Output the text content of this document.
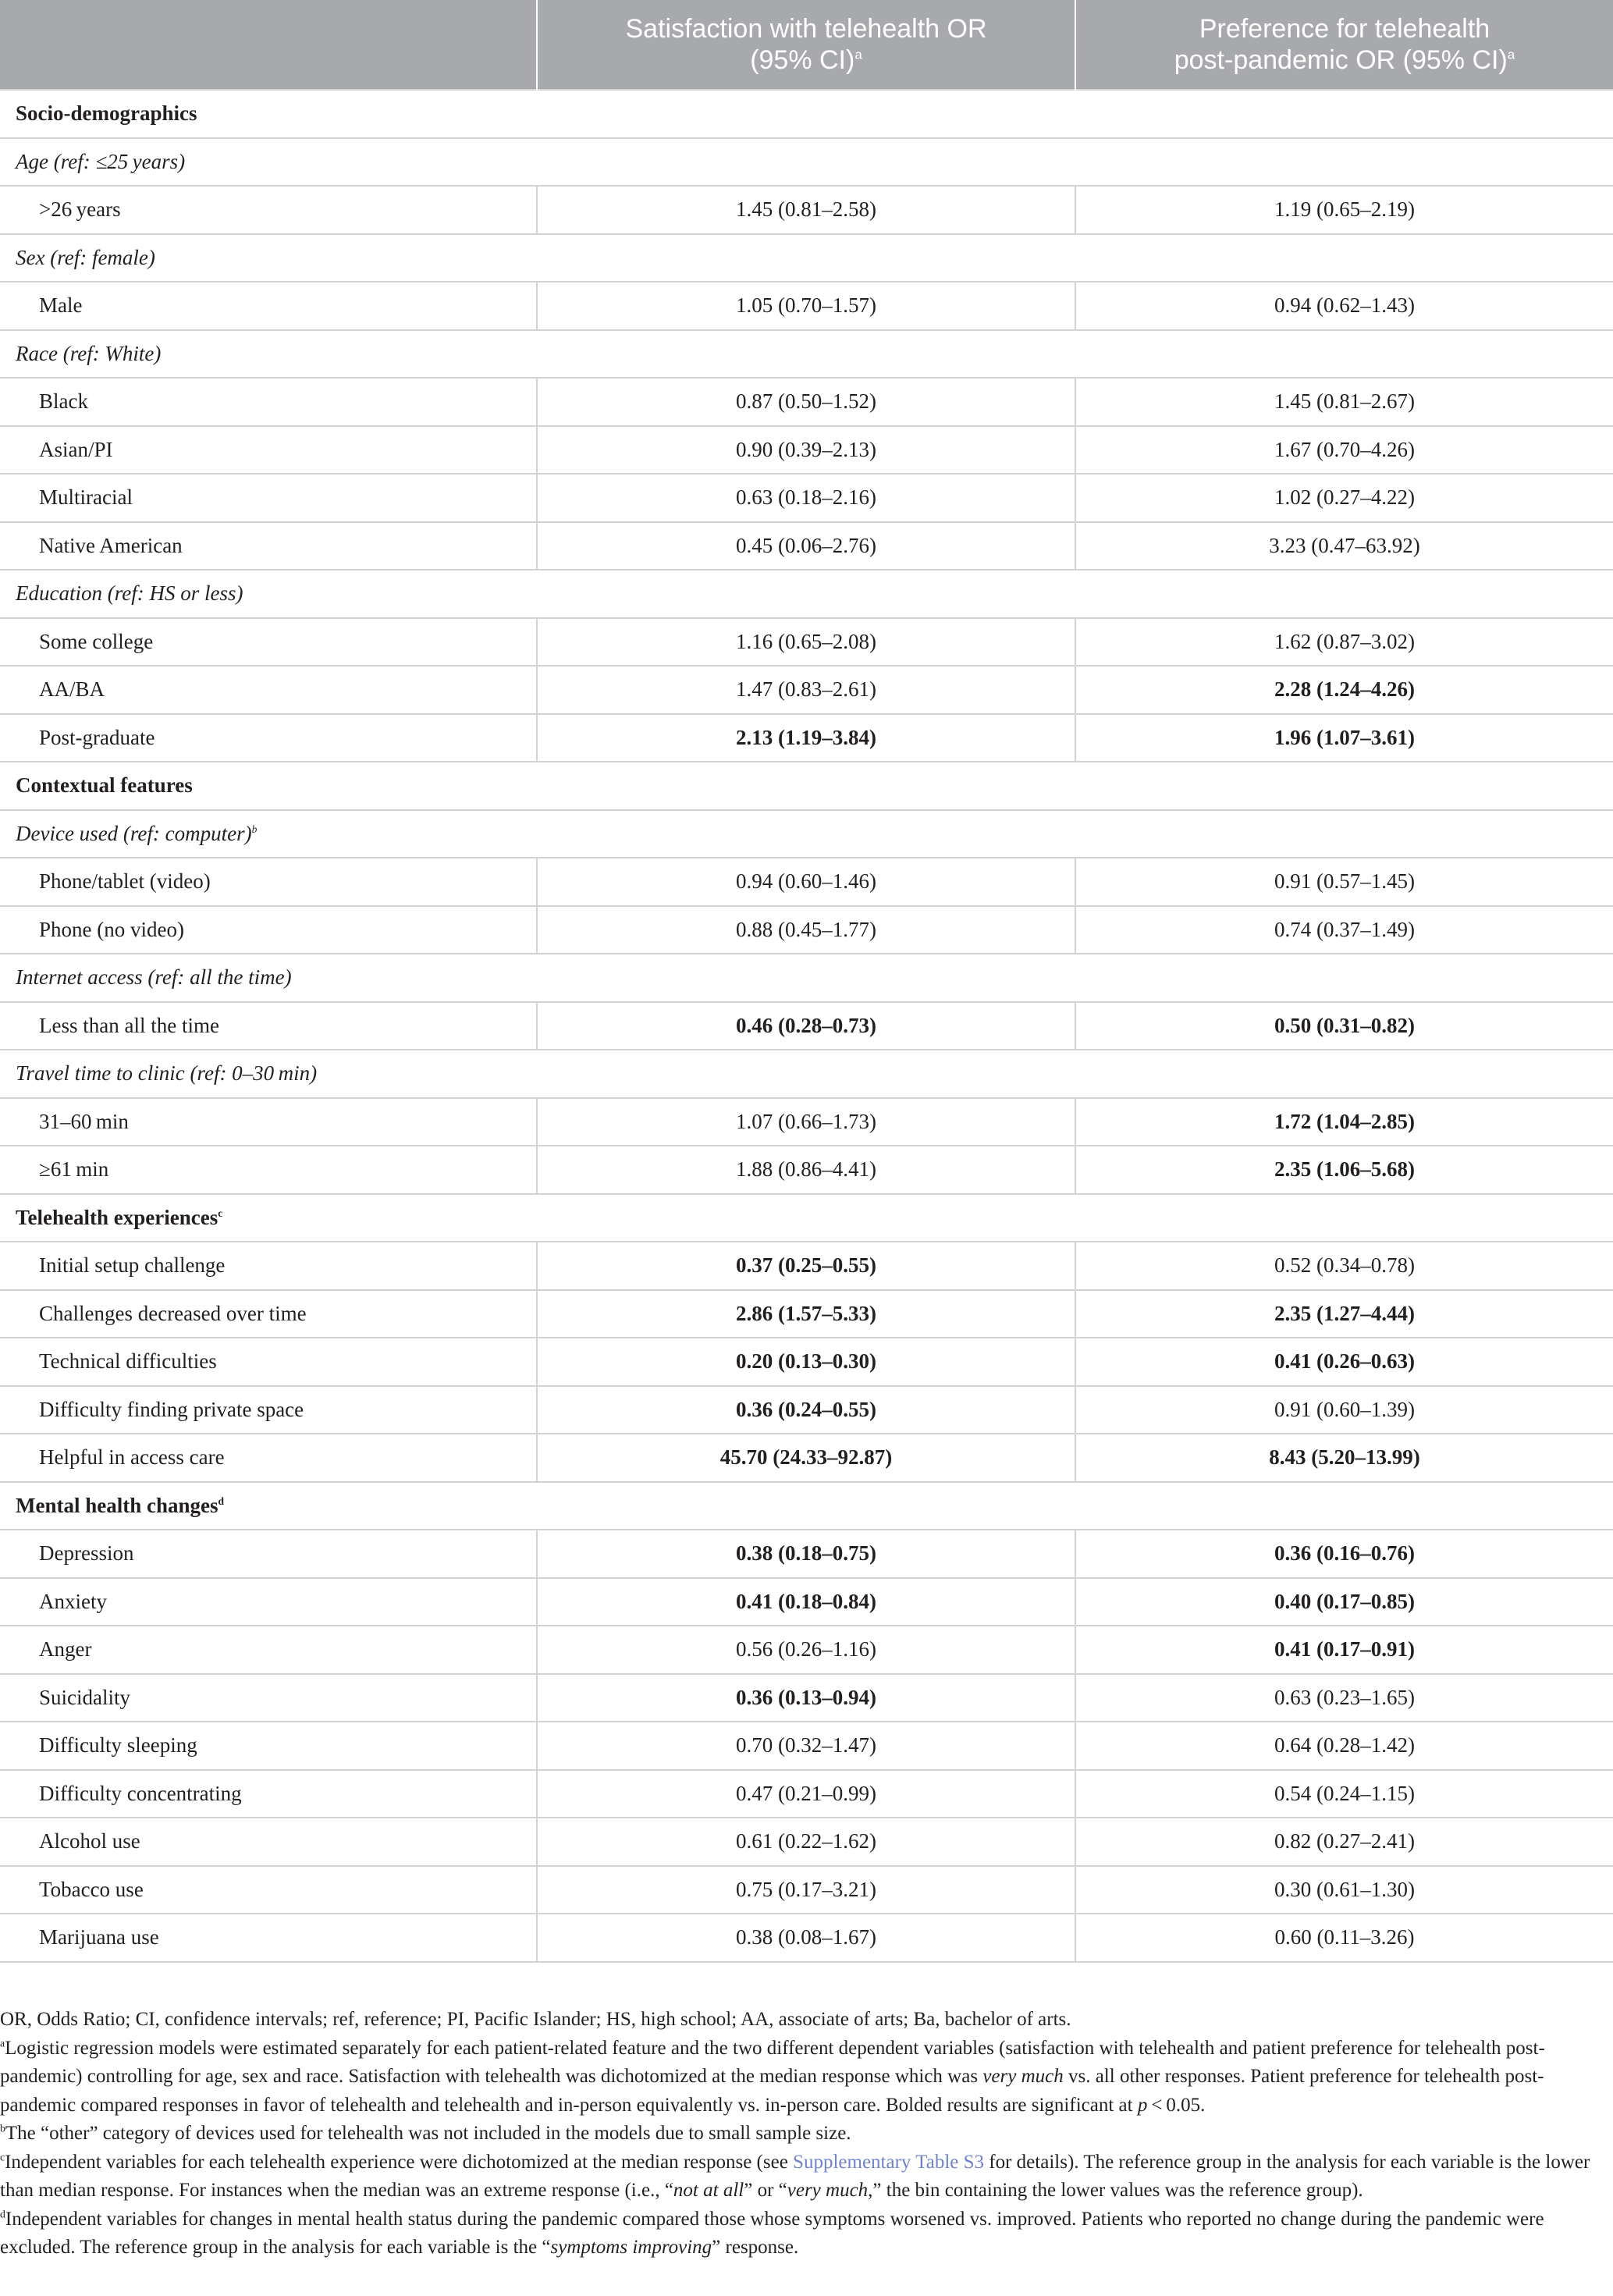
	Satisfaction with telehealth OR
(95% CI)$^a$	Preference for telehealth
post-pandemic OR (95% CI)$^a$
Socio-demographics		
Age (ref: ≤25 years)		
>26 years	1.45 (0.81–2.58)	1.19 (0.65–2.19)
Sex (ref: female)		
Male	1.05 (0.70–1.57)	0.94 (0.62–1.43)
Race (ref: White)		
Black	0.87 (0.50–1.52)	1.45 (0.81–2.67)
Asian/PI	0.90 (0.39–2.13)	1.67 (0.70–4.26)
Multiracial	0.63 (0.18–2.16)	1.02 (0.27–4.22)
Native American	0.45 (0.06–2.76)	3.23 (0.47–63.92)
Education (ref: HS or less)		
Some college	1.16 (0.65–2.08)	1.62 (0.87–3.02)
AA/BA	1.47 (0.83–2.61)	2.28 (1.24–4.26)
Post-graduate	2.13 (1.19–3.84)	1.96 (1.07–3.61)
Contextual features		
Device used (ref: computer)$^b$
Phone/tablet (video)	0.94 (0.60–1.46)	0.91 (0.57–1.45)
Phone (no video)	0.88 (0.45–1.77)	0.74 (0.37–1.49)
Internet access (ref: all the time)		
Less than all the time	0.46 (0.28–0.73)	0.50 (0.31–0.82)
Travel time to clinic (ref: 0–30 min)		
31–60 min	1.07 (0.66–1.73)	1.72 (1.04–2.85)
≥61 min	1.88 (0.86–4.41)	2.35 (1.06–5.68)
Telehealth experiences$^c$
Initial setup challenge	0.37 (0.25–0.55)	0.52 (0.34–0.78)
Challenges decreased over time	2.86 (1.57–5.33)	2.35 (1.27–4.44)
Technical difficulties	0.20 (0.13–0.30)	0.41 (0.26–0.63)
Difficulty finding private space	0.36 (0.24–0.55)	0.91 (0.60–1.39)
Helpful in access care	45.70 (24.33–92.87)	8.43 (5.20–13.99)
Mental health changes$^d$
Depression	0.38 (0.18–0.75)	0.36 (0.16–0.76)
Anxiety	0.41 (0.18–0.84)	0.40 (0.17–0.85)
Anger	0.56 (0.26–1.16)	0.41 (0.17–0.91)
Suicidality	0.36 (0.13–0.94)	0.63 (0.23–1.65)
Difficulty sleeping	0.70 (0.32–1.47)	0.64 (0.28–1.42)
Difficulty concentrating	0.47 (0.21–0.99)	0.54 (0.24–1.15)
Alcohol use	0.61 (0.22–1.62)	0.82 (0.27–2.41)
Tobacco use	0.75 (0.17–3.21)	0.30 (0.61–1.30)
Marijuana use	0.38 (0.08–1.67)	0.60 (0.11–3.26)

OR, Odds Ratio; CI, confidence intervals; ref, reference; PI, Pacific Islander; HS, high school; AA, associate of arts; Ba, bachelor of arts.

$^a$Logistic regression models were estimated separately for each patient-related feature and the two different dependent variables (satisfaction with telehealth and patient preference for telehealth post-pandemic) controlling for age, sex and race. Satisfaction with telehealth was dichotomized at the median response which was very much vs. all other responses. Patient preference for telehealth post-pandemic compared responses in favor of telehealth and telehealth and in-person equivalently vs. in-person care. Bolded results are significant at p < 0.05.

$^b$The “other” category of devices used for telehealth was not included in the models due to small sample size.

$^c$Independent variables for each telehealth experience were dichotomized at the median response (see Supplementary Table S3 for details). The reference group in the analysis for each variable is the lower than median response. For instances when the median was an extreme response (i.e., “not at all” or “very much,” the bin containing the lower values was the reference group).

$^d$Independent variables for changes in mental health status during the pandemic compared those whose symptoms worsened vs. improved. Patients who reported no change during the pandemic were excluded. The reference group in the analysis for each variable is the “symptoms improving” response.
